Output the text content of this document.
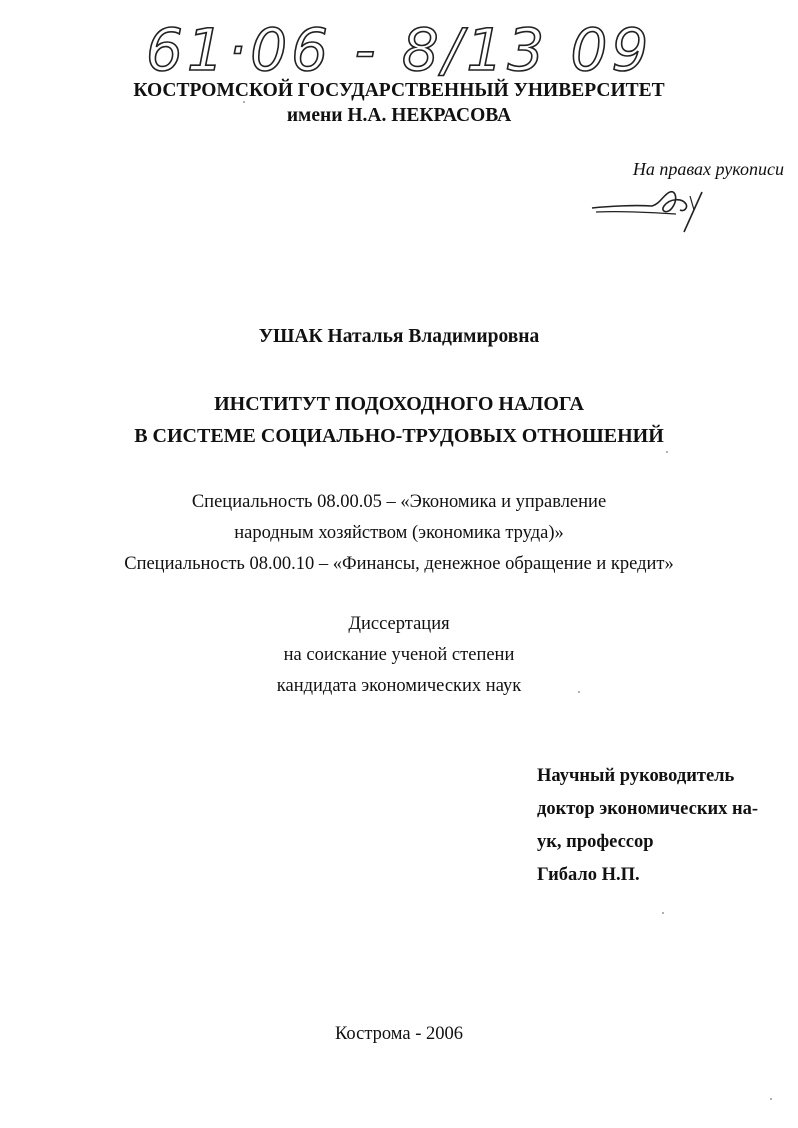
61·06 - 8/13 09
КОСТРОМСКОЙ ГОСУДАРСТВЕННЫЙ УНИВЕРСИТЕТ
имени Н.А. НЕКРАСОВА
На правах рукописи
УШАК Наталья Владимировна
ИНСТИТУТ ПОДОХОДНОГО НАЛОГА
В СИСТЕМЕ СОЦИАЛЬНО-ТРУДОВЫХ ОТНОШЕНИЙ
Специальность 08.00.05 – «Экономика и управление
народным хозяйством (экономика труда)»
Специальность 08.00.10 – «Финансы, денежное обращение и кредит»
Диссертация
на соискание ученой степени
кандидата экономических наук
Научный руководитель
доктор экономических на-
ук, профессор
Гибало Н.П.
Кострома - 2006
